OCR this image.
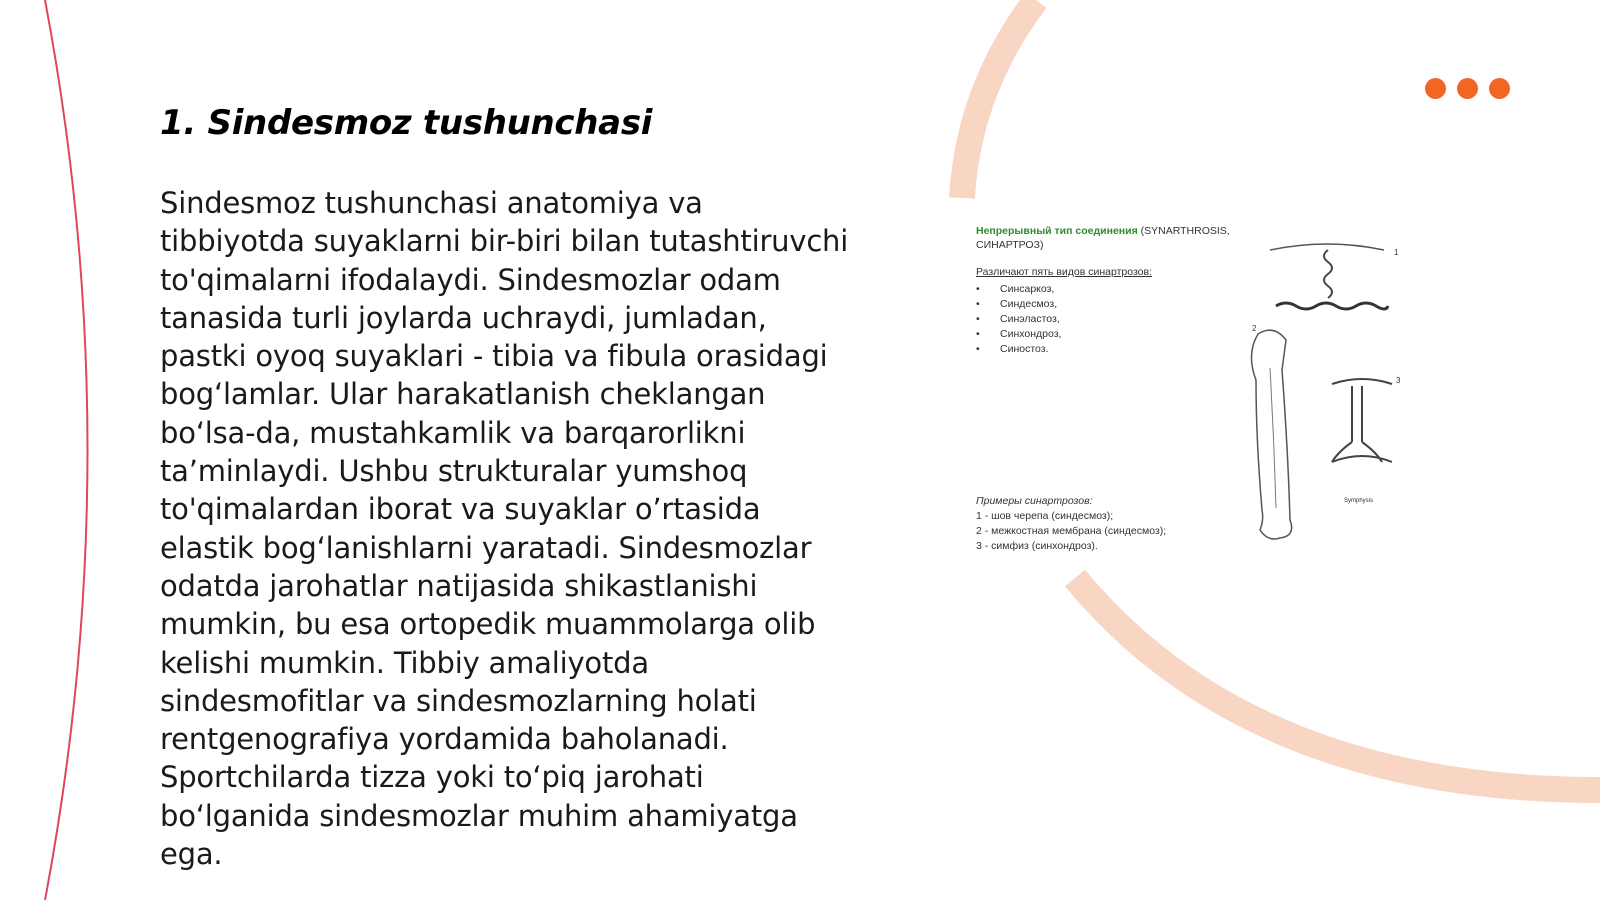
1. Sindesmoz tushunchasi

Sindesmoz tushunchasi anatomiya va tibbiyotda suyaklarni bir-biri bilan tutashtiruvchi to'qimalarni ifodalaydi. Sindesmozlar odam tanasida turli joylarda uchraydi, jumladan, pastki oyoq suyaklari - tibia va fibula orasidagi bog‘lamlar. Ular harakatlanish cheklangan bo‘lsa-da, mustahkamlik va barqarorlikni ta’minlaydi. Ushbu strukturalar yumshoq to'qimalardan iborat va suyaklar o’rtasida elastik bog‘lanishlarni yaratadi. Sindesmozlar odatda jarohatlar natijasida shikastlanishi mumkin, bu esa ortopedik muammolarga olib kelishi mumkin. Tibbiy amaliyotda sindesmofitlar va sindesmozlarning holati rentgenografiya yordamida baholanadi. Sportchilarda tizza yoki to‘piq jarohati bo‘lganida sindesmozlar muhim ahamiyatga ega.

Непрерывный тип соединения (SYNARTHROSIS, СИНАРТРОЗ)
Различают пять видов синартрозов:
• Синсаркоз,
• Синдесмоз,
• Синэластоз,
• Синхондроз,
• Синостоз.
Примеры синартрозов:
1 - шов черепа (синдесмоз);
2 - межкостная мембрана (синдесмоз);
3 - симфиз (синхондроз).
1
2
3
Symphysis
